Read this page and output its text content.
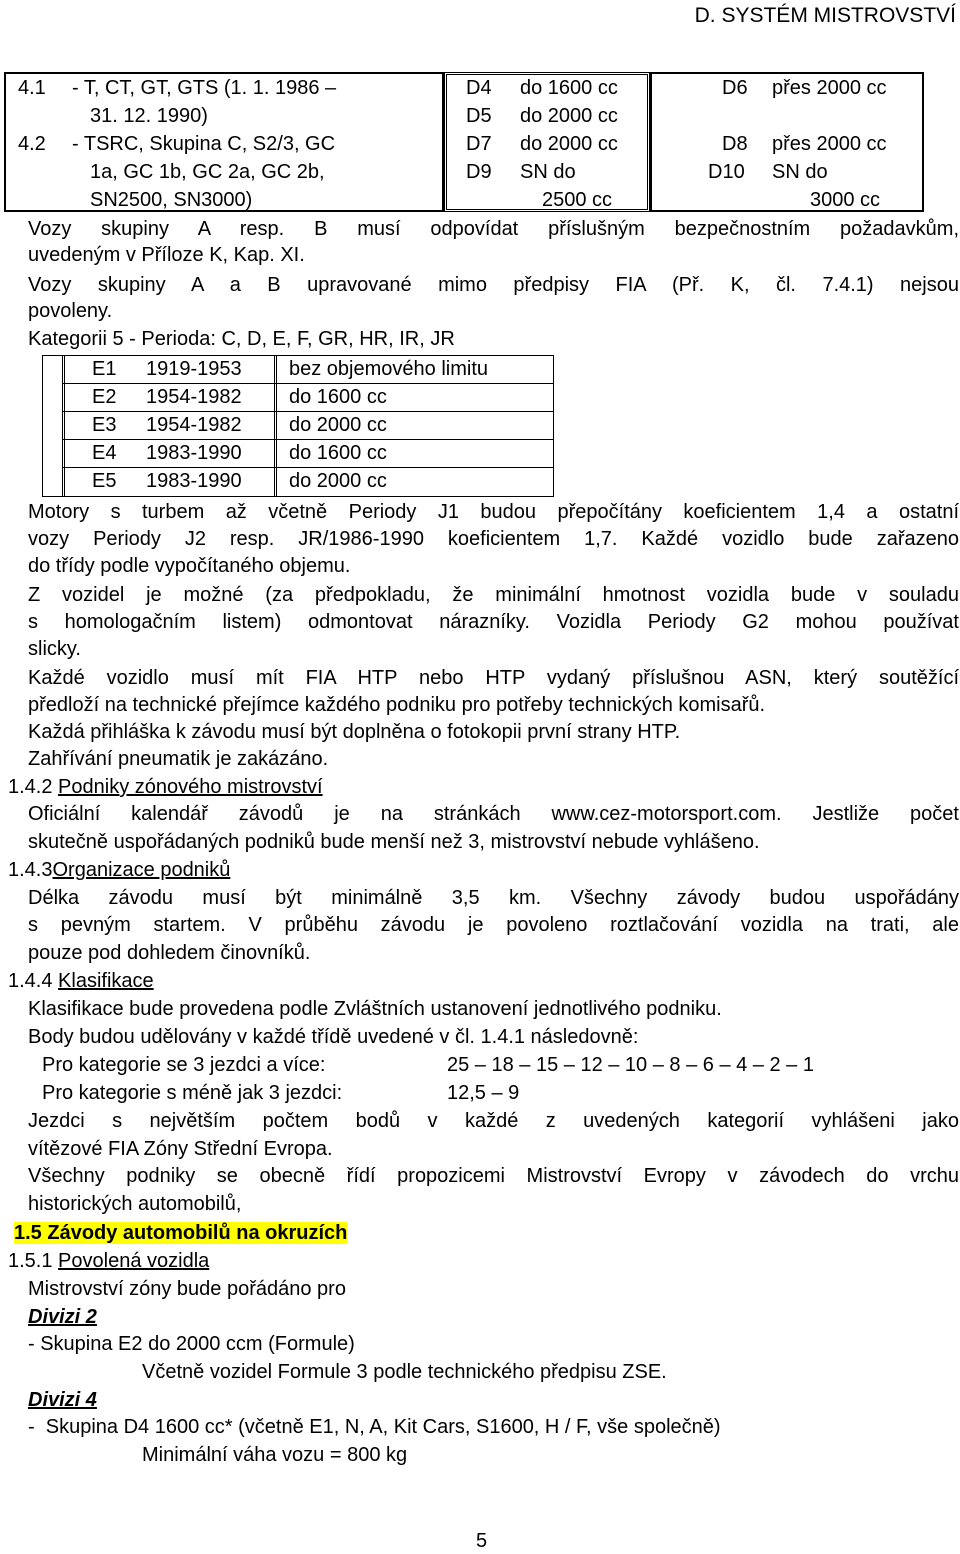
D. SYSTÉM MISTROVSTVÍ
4.1 - T, CT, GT, GTS (1. 1. 1986 –
31. 12. 1990)
D4 do 1600 cc
D5 do 2000 cc
D6 přes 2000 cc
4.2 - TSRC, Skupina C, S2/3, GC
1a, GC 1b, GC 2a, GC 2b,
SN2500, SN3000)
D7 do 2000 cc
D9 SN do
2500 cc
D8 přes 2000 cc
D10 SN do
3000 cc
Vozy skupiny A resp. B musí odpovídat příslušným bezpečnostním požadavkům,
uvedeným v Příloze K, Kap. XI.
Vozy skupiny A a B upravované mimo předpisy FIA (Př. K, čl. 7.4.1) nejsou
povoleny.
Kategorii 5 - Perioda: C, D, E, F, GR, HR, IR, JR
E1 1919-1953 bez objemového limitu
E2 1954-1982 do 1600 cc
E3 1954-1982 do 2000 cc
E4 1983-1990 do 1600 cc
E5 1983-1990 do 2000 cc
Motory s turbem až včetně Periody J1 budou přepočítány koeficientem 1,4 a ostatní
vozy Periody J2 resp. JR/1986-1990 koeficientem 1,7. Každé vozidlo bude zařazeno
do třídy podle vypočítaného objemu.
Z vozidel je možné (za předpokladu, že minimální hmotnost vozidla bude v souladu
s homologačním listem) odmontovat nárazníky. Vozidla Periody G2 mohou používat
slicky.
Každé vozidlo musí mít FIA HTP nebo HTP vydaný příslušnou ASN, který soutěžící
předloží na technické přejímce každého podniku pro potřeby technických komisařů.
Každá přihláška k závodu musí být doplněna o fotokopii první strany HTP.
Zahřívání pneumatik je zakázáno.
1.4.2 Podniky zónového mistrovství
Oficiální kalendář závodů je na stránkách www.cez-motorsport.com. Jestliže počet
skutečně uspořádaných podniků bude menší než 3, mistrovství nebude vyhlášeno.
1.4.3Organizace podniků
Délka závodu musí být minimálně 3,5 km. Všechny závody budou uspořádány
s pevným startem. V průběhu závodu je povoleno roztlačování vozidla na trati, ale
pouze pod dohledem činovníků.
1.4.4 Klasifikace
Klasifikace bude provedena podle Zvláštních ustanovení jednotlivého podniku.
Body budou udělovány v každé třídě uvedené v čl. 1.4.1 následovně:
Pro kategorie se 3 jezdci a více:	25 – 18 – 15 – 12 – 10 – 8 – 6 – 4 – 2 – 1
Pro kategorie s méně jak 3 jezdci:	12,5 – 9
Jezdci s největším počtem bodů v každé z uvedených kategorií vyhlášeni jako
vítězové FIA Zóny Střední Evropa.
Všechny podniky se obecně řídí propozicemi Mistrovství Evropy v závodech do vrchu
historických automobilů,
1.5 Závody automobilů na okruzích
1.5.1 Povolená vozidla
Mistrovství zóny bude pořádáno pro
Divizi 2
- Skupina E2 do 2000 ccm (Formule)
Včetně vozidel Formule 3 podle technického předpisu ZSE.
Divizi 4
-  Skupina D4 1600 cc* (včetně E1, N, A, Kit Cars, S1600, H / F, vše společně)
Minimální váha vozu = 800 kg
5
